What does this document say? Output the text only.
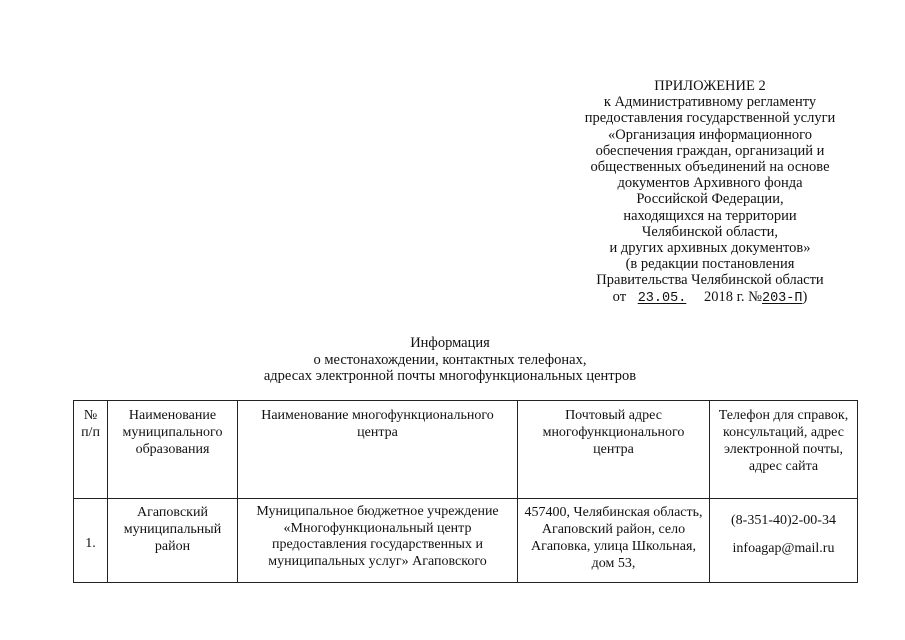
ПРИЛОЖЕНИЕ 2
к Административному регламенту
предоставления государственной услуги
«Организация информационного
обеспечения граждан, организаций и
общественных объединений на основе
документов Архивного фонда
Российской Федерации,
находящихся на территории
Челябинской области,
и других архивных документов»
(в редакции постановления
Правительства Челябинской области
от 23.05. 2018 г. №203-П)
Информация
о местонахождении, контактных телефонах,
адресах электронной почты многофункциональных центров
№ п/п	Наименование муниципального образования	Наименование многофункционального центра	Почтовый адрес многофункционального центра	Телефон для справок, консультаций, адрес электронной почты, адрес сайта
1.	Агаповский муниципальный район	Муниципальное бюджетное учреждение «Многофункциональный центр предоставления государственных и муниципальных услуг» Агаповского	457400, Челябинская область, Агаповский район, село Агаповка, улица Школьная, дом 53,	(8-351-40)2-00-34
infoagap@mail.ru
